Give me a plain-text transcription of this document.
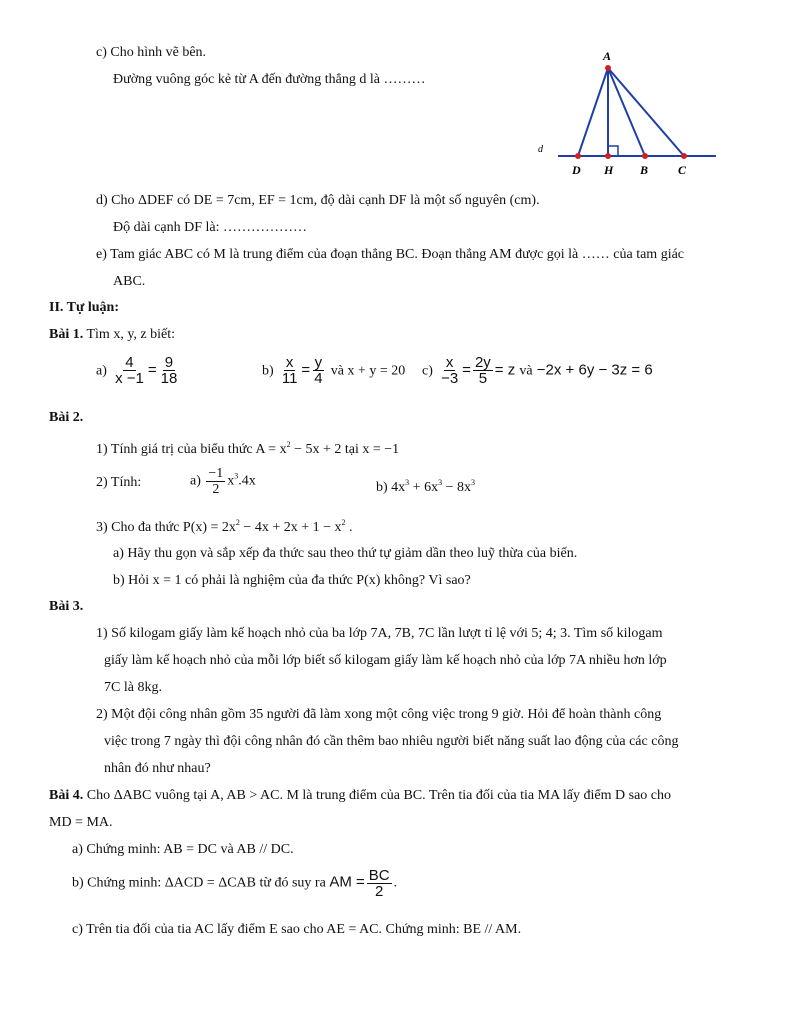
c) Cho hình vẽ bên.
Đường vuông góc kẻ từ A đến đường thẳng d là ………
A
d
D H B C
d) Cho ΔDEF có DE = 7cm, EF = 1cm, độ dài cạnh DF là một số nguyên (cm).
Độ dài cạnh DF là: ………………
e) Tam giác ABC có M là trung điểm của đoạn thẳng BC. Đoạn thẳng AM được gọi là …… của tam giác
ABC.
II. Tự luận:
Bài 1. Tìm x, y, z biết:
$a) \frac{4}{x -1} = \frac{9}{18}$	$b) \frac{x}{11} = \frac{y}{4}$ và x + y = 20 $c) \frac{x}{-3} = \frac{2y}{5} = z$ và −2x + 6y − 3z = 6
Bài 2.
1) Tính giá trị của biểu thức $A = x^2 - 5x + 2$ tại x = −1
2) Tính:	$a) \frac{-1}{2} x^3.4x$	b) $4x^3 + 6x^3 - 8x^3$
3) Cho đa thức $P(x) = 2x^2 - 4x + 2x + 1 - x^2$ .
a) Hãy thu gọn và sắp xếp đa thức sau theo thứ tự giảm dần theo luỹ thừa của biến.
b) Hỏi x = 1 có phải là nghiệm của đa thức P(x) không? Vì sao?
Bài 3.
1) Số kilogam giấy làm kế hoạch nhỏ của ba lớp 7A, 7B, 7C lần lượt tỉ lệ với 5; 4; 3. Tìm số kilogam
giấy làm kế hoạch nhỏ của mỗi lớp biết số kilogam giấy làm kế hoạch nhỏ của lớp 7A nhiều hơn lớp
7C là 8kg.
2) Một đội công nhân gồm 35 người đã làm xong một công việc trong 9 giờ. Hỏi để hoàn thành công
việc trong 7 ngày thì đội công nhân đó cần thêm bao nhiêu người biết năng suất lao động của các công
nhân đó như nhau?
Bài 4. Cho ΔABC vuông tại A, AB > AC. M là trung điểm của BC. Trên tia đối của tia MA lấy điểm D sao cho
MD = MA.
a) Chứng minh: AB = DC và AB // DC.
b) Chứng minh: ΔACD = ΔCAB từ đó suy ra AM = $\frac{BC}{2}$ .
c) Trên tia đối của tia AC lấy điểm E sao cho AE = AC. Chứng minh: BE // AM.
